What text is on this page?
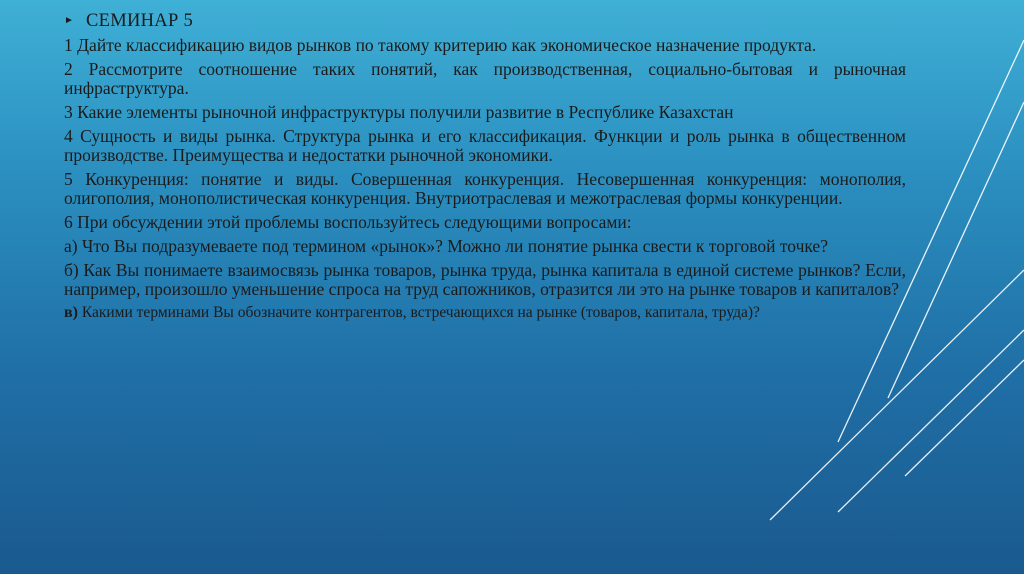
► СЕМИНАР 5

1 Дайте классификацию видов рынков по такому критерию как экономическое назначение продукта.

2 Рассмотрите соотношение таких понятий, как производственная, социально-бытовая и рыночная инфраструктура.

3 Какие элементы рыночной инфраструктуры получили развитие в Республике Казахстан

4 Сущность и виды рынка. Структура рынка и его классификация. Функции и роль рынка в общественном производстве. Преимущества и недостатки рыночной экономики.

5 Конкуренция: понятие и виды. Совершенная конкуренция. Несовершенная конкуренция: монополия, олигополия, монополистическая конкуренция. Внутриотраслевая и межотраслевая формы конкуренции.

6 При обсуждении этой проблемы воспользуйтесь следующими вопросами:

а) Что Вы подразумеваете под термином «рынок»? Можно ли понятие рынка свести к торговой точке?

б) Как Вы понимаете взаимосвязь рынка товаров, рынка труда, рынка капитала в единой системе рынков? Если, например, произошло уменьшение спроса на труд сапожников, отразится ли это на рынке товаров и капиталов?

в) Какими терминами Вы обозначите контрагентов, встречающихся на рынке (товаров, капитала, труда)?
